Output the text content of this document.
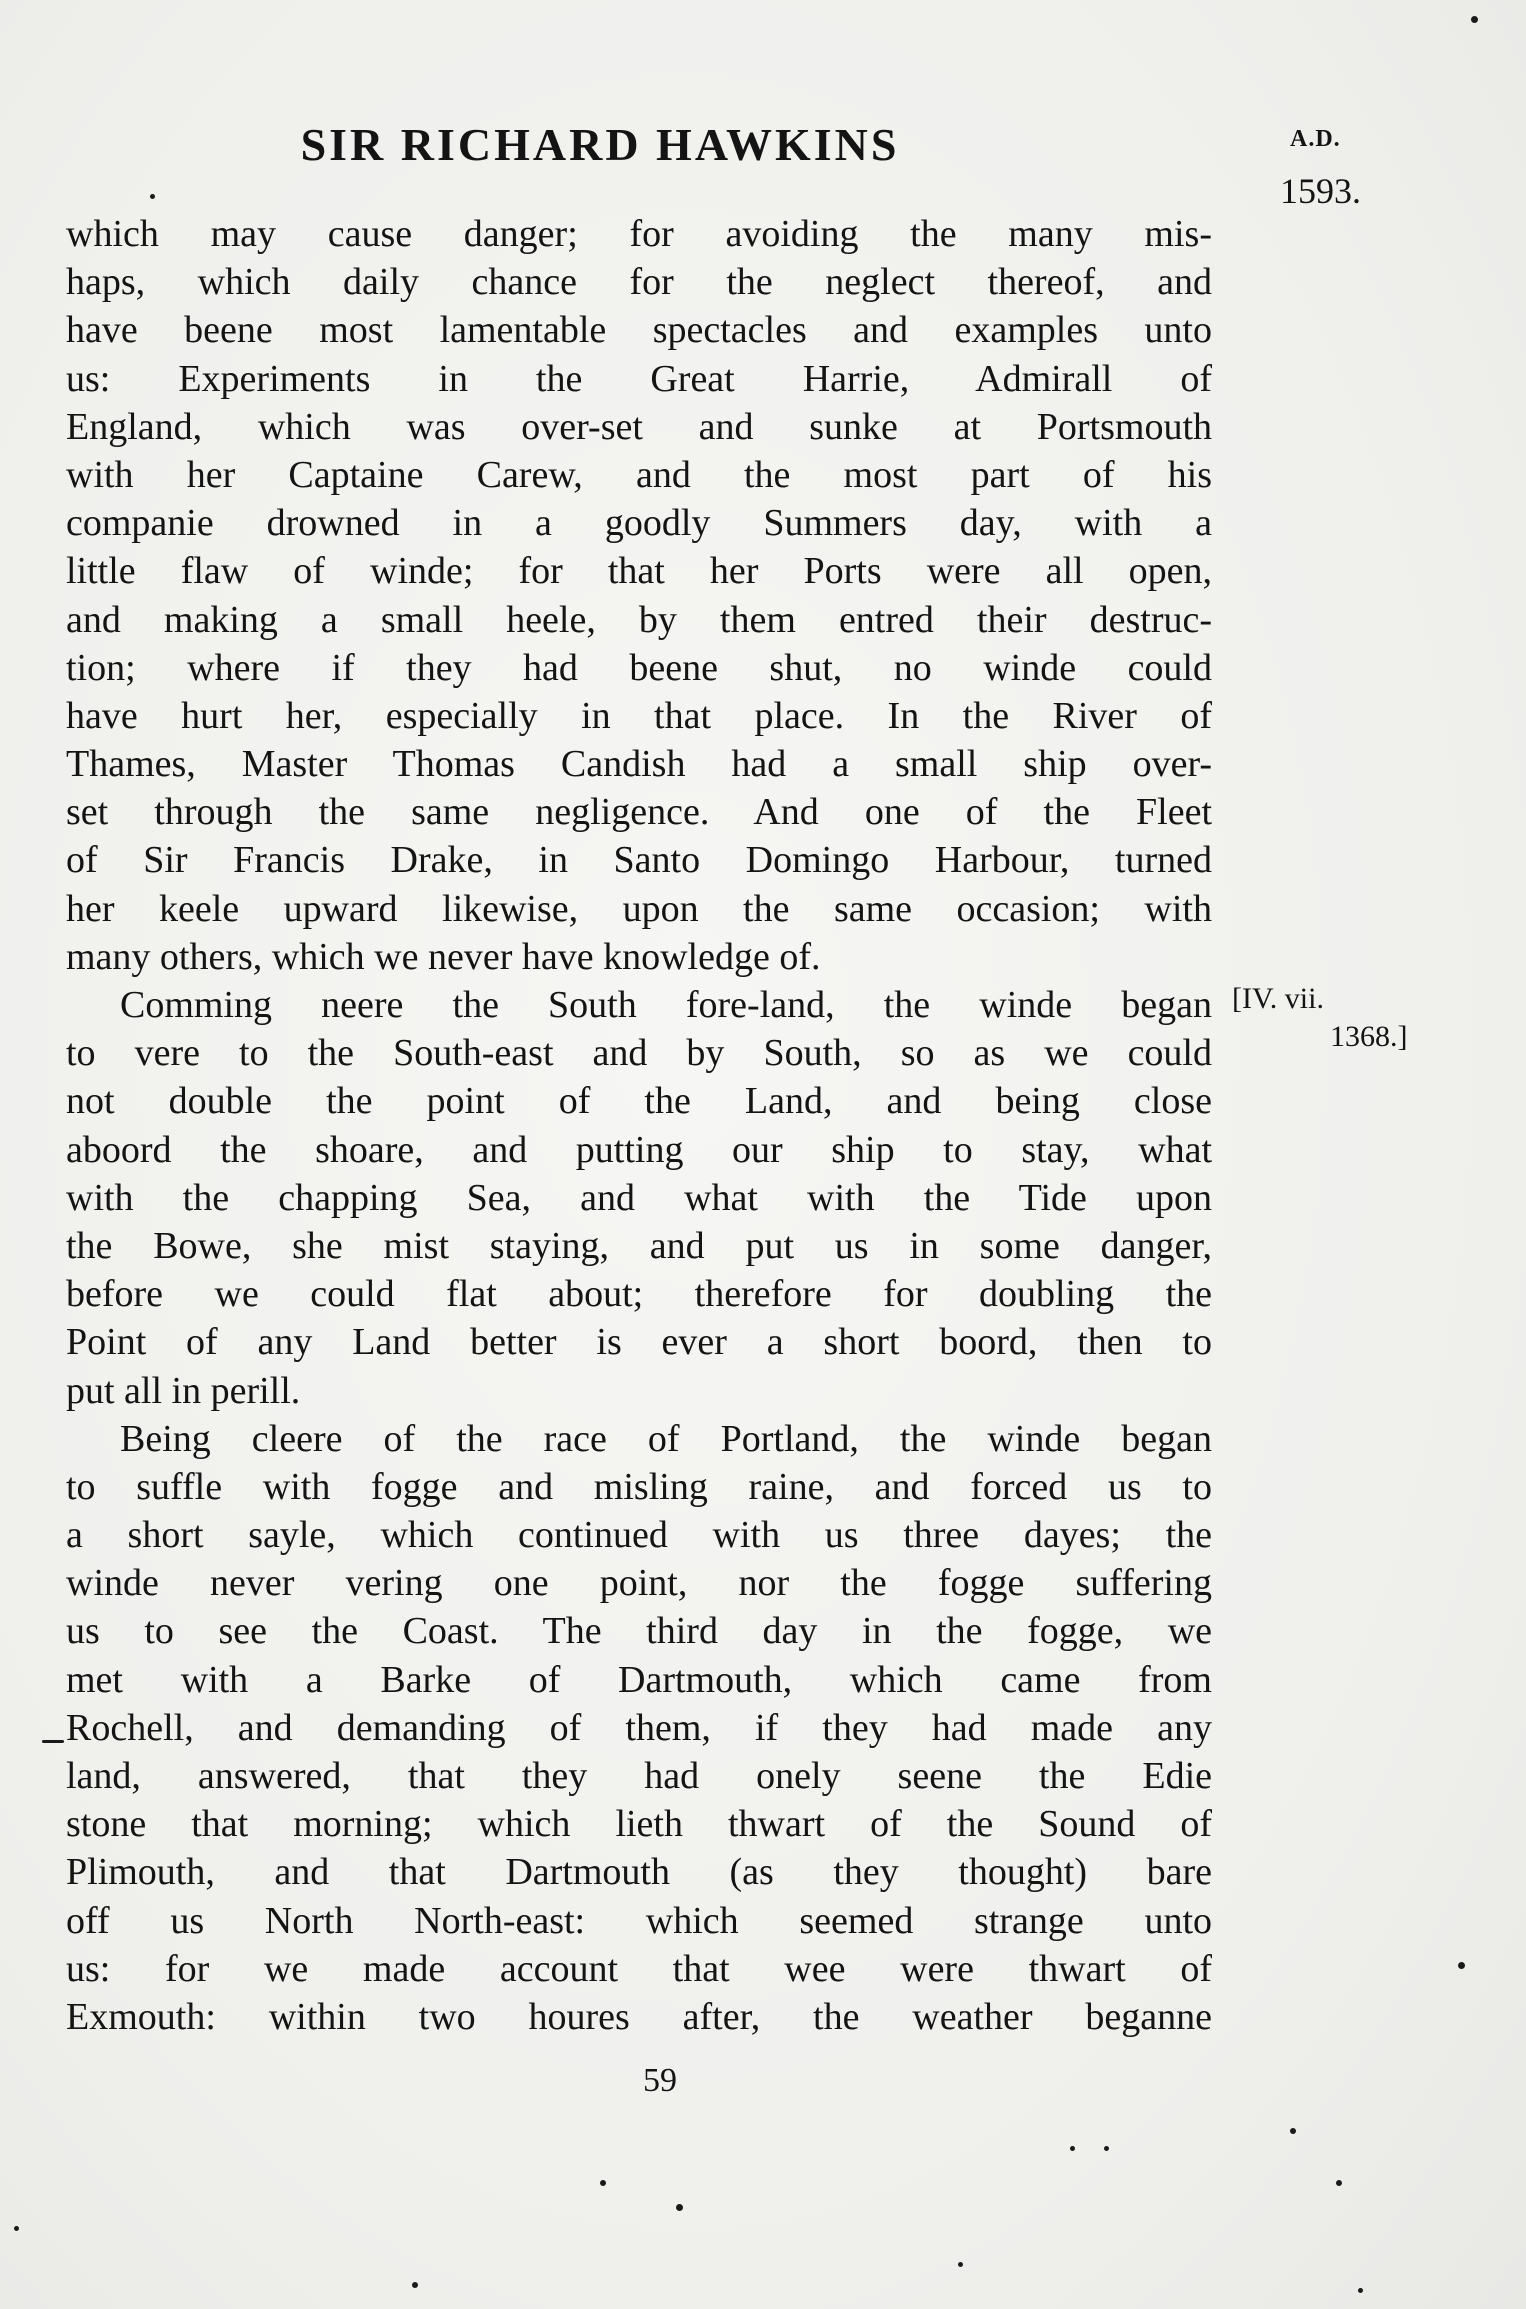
SIR RICHARD HAWKINS	A.D.
1593.
which may cause danger; for avoiding the many mis-
haps, which daily chance for the neglect thereof, and
have beene most lamentable spectacles and examples unto
us: Experiments in the Great Harrie, Admirall of
England, which was over-set and sunke at Portsmouth
with her Captaine Carew, and the most part of his
companie drowned in a goodly Summers day, with a
little flaw of winde; for that her Ports were all open,
and making a small heele, by them entred their destruc-
tion; where if they had beene shut, no winde could
have hurt her, especially in that place. In the River of
Thames, Master Thomas Candish had a small ship over-
set through the same negligence. And one of the Fleet
of Sir Francis Drake, in Santo Domingo Harbour, turned
her keele upward likewise, upon the same occasion; with
many others, which we never have knowledge of.
Comming neere the South fore-land, the winde began
to vere to the South-east and by South, so as we could
not double the point of the Land, and being close
aboord the shoare, and putting our ship to stay, what
with the chapping Sea, and what with the Tide upon
the Bowe, she mist staying, and put us in some danger,
before we could flat about; therefore for doubling the
Point of any Land better is ever a short boord, then to
put all in perill.
Being cleere of the race of Portland, the winde began
to suffle with fogge and misling raine, and forced us to
a short sayle, which continued with us three dayes; the
winde never vering one point, nor the fogge suffering
us to see the Coast. The third day in the fogge, we
met with a Barke of Dartmouth, which came from
Rochell, and demanding of them, if they had made any
land, answered, that they had onely seene the Edie
stone that morning; which lieth thwart of the Sound of
Plimouth, and that Dartmouth (as they thought) bare
off us North North-east: which seemed strange unto
us: for we made account that wee were thwart of
Exmouth: within two houres after, the weather beganne
[IV. vii.
1368.]
59
